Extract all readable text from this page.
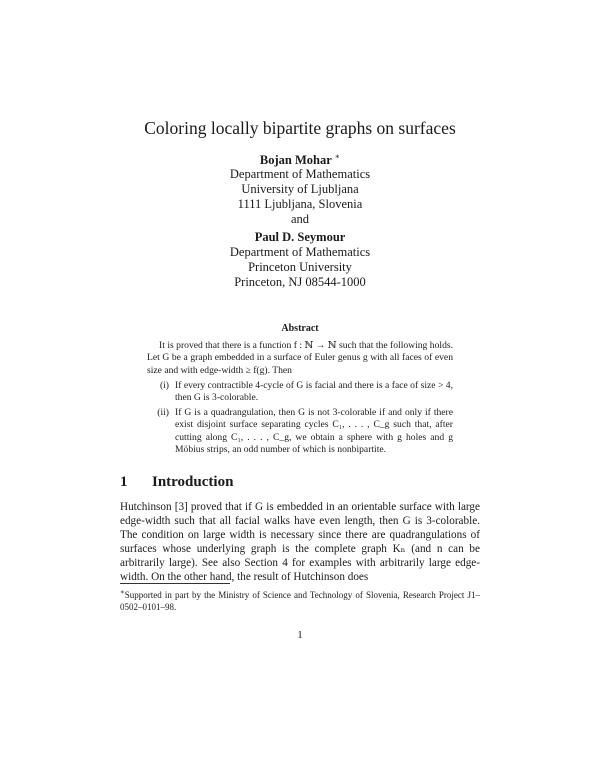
Coloring locally bipartite graphs on surfaces
Bojan Mohar ∗
Department of Mathematics
University of Ljubljana
1111 Ljubljana, Slovenia
and
Paul D. Seymour
Department of Mathematics
Princeton University
Princeton, NJ 08544-1000
Abstract

It is proved that there is a function f : ℕ → ℕ such that the following holds. Let G be a graph embedded in a surface of Euler genus g with all faces of even size and with edge-width ≥ f(g). Then

(i) If every contractible 4-cycle of G is facial and there is a face of size > 4, then G is 3-colorable.
(ii) If G is a quadrangulation, then G is not 3-colorable if and only if there exist disjoint surface separating cycles C₁, . . . , C_g such that, after cutting along C₁, . . . , C_g, we obtain a sphere with g holes and g Möbius strips, an odd number of which is nonbipartite.
1 Introduction
Hutchinson [3] proved that if G is embedded in an orientable surface with large edge-width such that all facial walks have even length, then G is 3-colorable. The condition on large width is necessary since there are quadrangulations of surfaces whose underlying graph is the complete graph Kₙ (and n can be arbitrarily large). See also Section 4 for examples with arbitrarily large edge-width. On the other hand, the result of Hutchinson does
∗Supported in part by the Ministry of Science and Technology of Slovenia, Research Project J1–0502–0101–98.
1
